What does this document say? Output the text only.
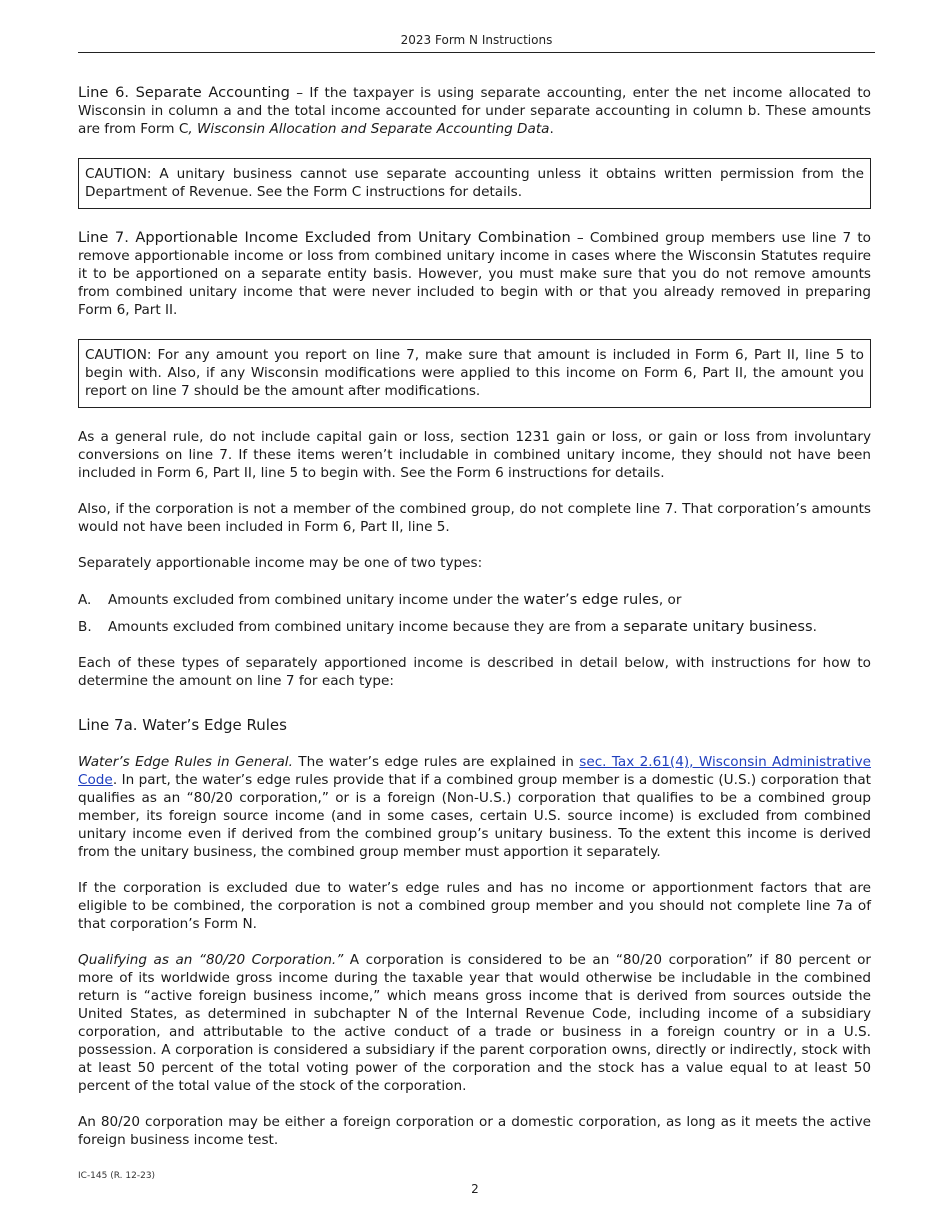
2023 Form N Instructions

Line 6. Separate Accounting – If the taxpayer is using separate accounting, enter the net income allocated to Wisconsin in column a and the total income accounted for under separate accounting in column b. These amounts are from Form C, Wisconsin Allocation and Separate Accounting Data.

CAUTION: A unitary business cannot use separate accounting unless it obtains written permission from the Department of Revenue. See the Form C instructions for details.

Line 7. Apportionable Income Excluded from Unitary Combination – Combined group members use line 7 to remove apportionable income or loss from combined unitary income in cases where the Wisconsin Statutes require it to be apportioned on a separate entity basis. However, you must make sure that you do not remove amounts from combined unitary income that were never included to begin with or that you already removed in preparing Form 6, Part II.

CAUTION: For any amount you report on line 7, make sure that amount is included in Form 6, Part II, line 5 to begin with. Also, if any Wisconsin modifications were applied to this income on Form 6, Part II, the amount you report on line 7 should be the amount after modifications.

As a general rule, do not include capital gain or loss, section 1231 gain or loss, or gain or loss from involuntary conversions on line 7. If these items weren’t includable in combined unitary income, they should not have been included in Form 6, Part II, line 5 to begin with. See the Form 6 instructions for details.

Also, if the corporation is not a member of the combined group, do not complete line 7. That corporation’s amounts would not have been included in Form 6, Part II, line 5.

Separately apportionable income may be one of two types:

A.	Amounts excluded from combined unitary income under the water’s edge rules, or
B.	Amounts excluded from combined unitary income because they are from a separate unitary business.

Each of these types of separately apportioned income is described in detail below, with instructions for how to determine the amount on line 7 for each type:

Line 7a. Water’s Edge Rules

Water’s Edge Rules in General. The water’s edge rules are explained in sec. Tax 2.61(4), Wisconsin Administrative Code. In part, the water’s edge rules provide that if a combined group member is a domestic (U.S.) corporation that qualifies as an “80/20 corporation,” or is a foreign (Non-U.S.) corporation that qualifies to be a combined group member, its foreign source income (and in some cases, certain U.S. source income) is excluded from combined unitary income even if derived from the combined group’s unitary business. To the extent this income is derived from the unitary business, the combined group member must apportion it separately.

If the corporation is excluded due to water’s edge rules and has no income or apportionment factors that are eligible to be combined, the corporation is not a combined group member and you should not complete line 7a of that corporation’s Form N.

Qualifying as an “80/20 Corporation.” A corporation is considered to be an “80/20 corporation” if 80 percent or more of its worldwide gross income during the taxable year that would otherwise be includable in the combined return is “active foreign business income,” which means gross income that is derived from sources outside the United States, as determined in subchapter N of the Internal Revenue Code, including income of a subsidiary corporation, and attributable to the active conduct of a trade or business in a foreign country or in a U.S. possession. A corporation is considered a subsidiary if the parent corporation owns, directly or indirectly, stock with at least 50 percent of the total voting power of the corporation and the stock has a value equal to at least 50 percent of the total value of the stock of the corporation.

An 80/20 corporation may be either a foreign corporation or a domestic corporation, as long as it meets the active foreign business income test.

IC-145 (R. 12-23)
2
